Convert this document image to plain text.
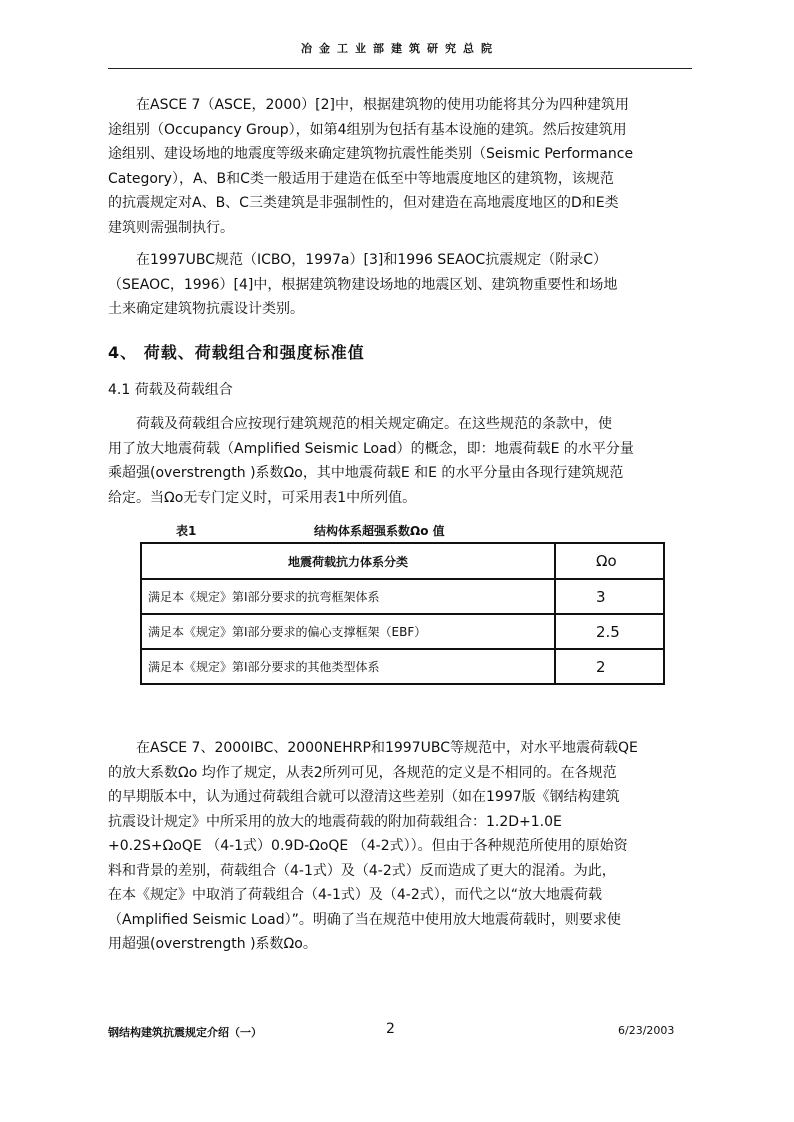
冶金工业部建筑研究总院
在ASCE 7（ASCE，2000）[2]中，根据建筑物的使用功能将其分为四种建筑用
途组别（Occupancy Group），如第4组别为包括有基本设施的建筑。然后按建筑用
途组别、建设场地的地震度等级来确定建筑物抗震性能类别（Seismic Performance
Category），A、B和C类一般适用于建造在低至中等地震度地区的建筑物，该规范
的抗震规定对A、B、C三类建筑是非强制性的，但对建造在高地震度地区的D和E类
建筑则需强制执行。
在1997UBC规范（ICBO，1997a）[3]和1996 SEAOC抗震规定（附录C）
（SEAOC，1996）[4]中，根据建筑物建设场地的地震区划、建筑物重要性和场地
土来确定建筑物抗震设计类别。
4、 荷载、荷载组合和强度标准值
4.1 荷载及荷载组合
荷载及荷载组合应按现行建筑规范的相关规定确定。在这些规范的条款中，使
用了放大地震荷载（Amplified Seismic Load）的概念，即：地震荷载E 的水平分量
乘超强(overstrength )系数Ωo，其中地震荷载E 和E 的水平分量由各现行建筑规范
给定。当Ωo无专门定义时，可采用表1中所列值。
表1	结构体系超强系数Ωo 值
地震荷载抗力体系分类	Ωo
满足本《规定》第Ⅰ部分要求的抗弯框架体系	3
满足本《规定》第Ⅰ部分要求的偏心支撑框架（EBF）	2.5
满足本《规定》第Ⅰ部分要求的其他类型体系	2
在ASCE 7、2000IBC、2000NEHRP和1997UBC等规范中，对水平地震荷载QE
的放大系数Ωo 均作了规定，从表2所列可见，各规范的定义是不相同的。在各规范
的早期版本中，认为通过荷载组合就可以澄清这些差别（如在1997版《钢结构建筑
抗震设计规定》中所采用的放大的地震荷载的附加荷载组合：1.2D+1.0E
+0.2S+ΩoQE （4-1式）0.9D-ΩoQE （4-2式））。但由于各种规范所使用的原始资
料和背景的差别，荷载组合（4-1式）及（4-2式）反而造成了更大的混淆。为此，
在本《规定》中取消了荷载组合（4-1式）及（4-2式），而代之以“放大地震荷载
（Amplified Seismic Load）”。明确了当在规范中使用放大地震荷载时，则要求使
用超强(overstrength )系数Ωo。
钢结构建筑抗震规定介绍（一）	2	6/23/2003
